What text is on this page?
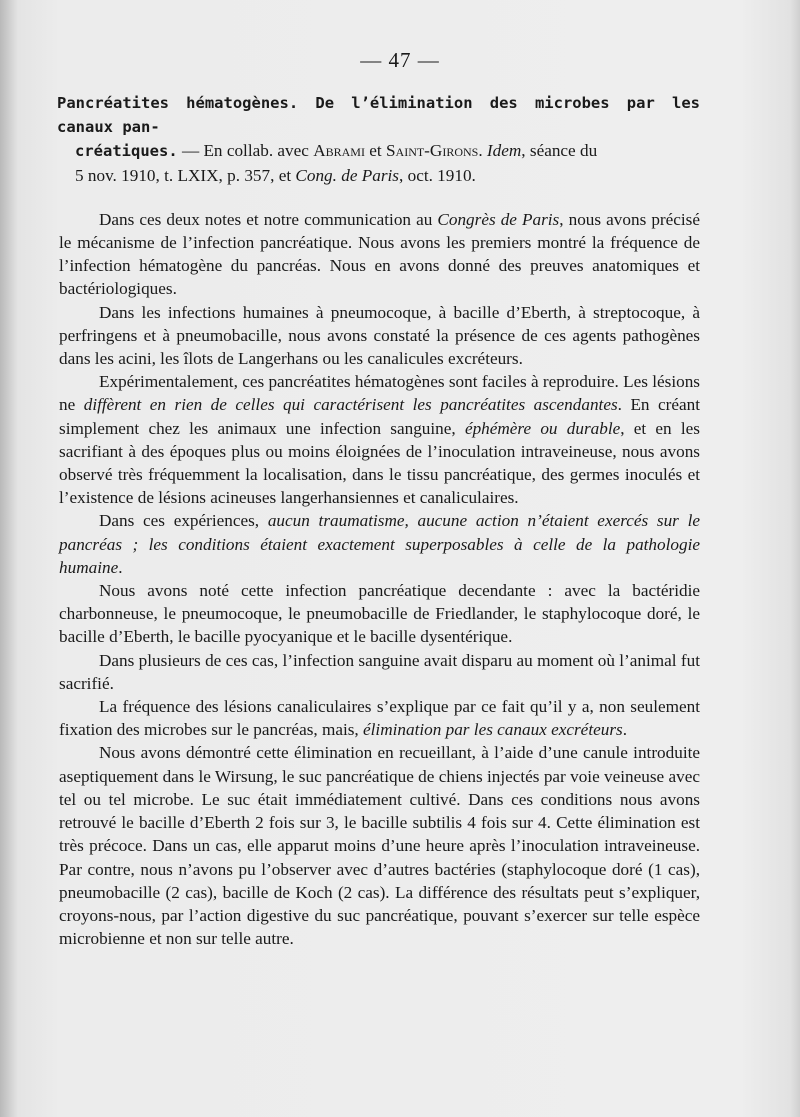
— 47 —

Pancréatites hématogènes. De l’élimination des microbes par les canaux pan-
créatiques. — En collab. avec Abrami et Saint-Girons. Idem, séance du
5 nov. 1910, t. LXIX, p. 357, et Cong. de Paris, oct. 1910.

Dans ces deux notes et notre communication au Congrès de Paris, nous avons précisé le mécanisme de l’infection pancréatique. Nous avons les premiers montré la fréquence de l’infection hématogène du pancréas. Nous en avons donné des preuves anatomiques et bactériologiques.

Dans les infections humaines à pneumocoque, à bacille d’Eberth, à streptocoque, à perfringens et à pneumobacille, nous avons constaté la présence de ces agents pathogènes dans les acini, les îlots de Langerhans ou les canalicules excréteurs.

Expérimentalement, ces pancréatites hématogènes sont faciles à reproduire. Les lésions ne diffèrent en rien de celles qui caractérisent les pancréatites ascendantes. En créant simplement chez les animaux une infection sanguine, éphémère ou durable, et en les sacrifiant à des époques plus ou moins éloignées de l’inoculation intraveineuse, nous avons observé très fréquemment la localisation, dans le tissu pancréatique, des germes inoculés et l’existence de lésions acineuses langerhansiennes et canaliculaires.

Dans ces expériences, aucun traumatisme, aucune action n’étaient exercés sur le pancréas ; les conditions étaient exactement superposables à celle de la pathologie humaine.

Nous avons noté cette infection pancréatique decendante : avec la bactéridie charbonneuse, le pneumocoque, le pneumobacille de Friedlander, le staphylocoque doré, le bacille d’Eberth, le bacille pyocyanique et le bacille dysentérique.

Dans plusieurs de ces cas, l’infection sanguine avait disparu au moment où l’animal fut sacrifié.

La fréquence des lésions canaliculaires s’explique par ce fait qu’il y a, non seulement fixation des microbes sur le pancréas, mais, élimination par les canaux excréteurs.

Nous avons démontré cette élimination en recueillant, à l’aide d’une canule introduite aseptiquement dans le Wirsung, le suc pancréatique de chiens injectés par voie veineuse avec tel ou tel microbe. Le suc était immédiatement cultivé. Dans ces conditions nous avons retrouvé le bacille d’Eberth 2 fois sur 3, le bacille subtilis 4 fois sur 4. Cette élimination est très précoce. Dans un cas, elle apparut moins d’une heure après l’inoculation intraveineuse. Par contre, nous n’avons pu l’observer avec d’autres bactéries (staphylocoque doré (1 cas), pneumobacille (2 cas), bacille de Koch (2 cas). La différence des résultats peut s’expliquer, croyons-nous, par l’action digestive du suc pancréatique, pouvant s’exercer sur telle espèce microbienne et non sur telle autre.
